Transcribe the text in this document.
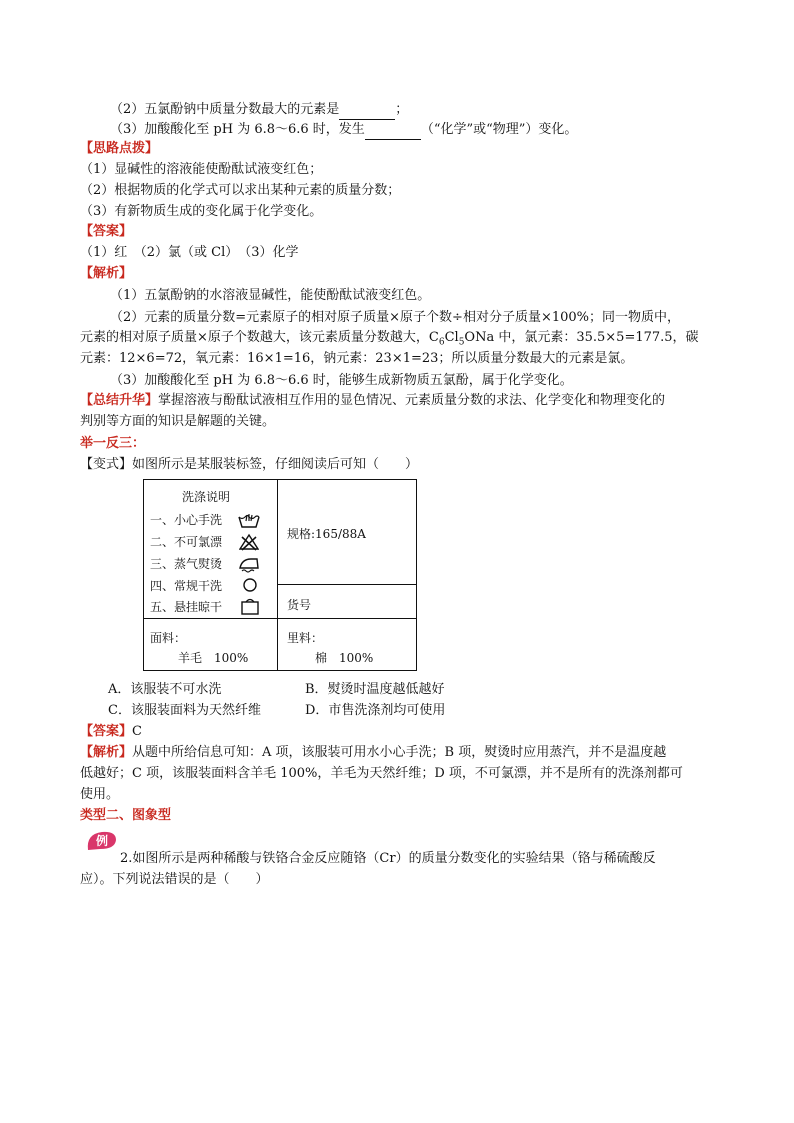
（2）五氯酚钠中质量分数最大的元素是	；
（3）加酸酸化至 pH 为 6.8～6.6 时，发生	（“化学”或“物理”）变化。
【思路点拨】
（1）显碱性的溶液能使酚酞试液变红色；
（2）根据物质的化学式可以求出某种元素的质量分数；
（3）有新物质生成的变化属于化学变化。
【答案】
（1）红　（2）氯（或 Cl）　（3）化学
【解析】
（1）五氯酚钠的水溶液显碱性，能使酚酞试液变红色。
（2）元素的质量分数=元素原子的相对原子质量×原子个数÷相对分子质量×100%；同一物质中，
元素的相对原子质量×原子个数越大，该元素质量分数越大，$C_6Cl_5ONa$ 中，氯元素：35.5×5=177.5，碳
元素：12×6=72，氧元素：16×1=16，钠元素：23×1=23；所以质量分数最大的元素是氯。
（3）加酸酸化至 pH 为 6.8～6.6 时，能够生成新物质五氯酚，属于化学变化。
【总结升华】掌握溶液与酚酞试液相互作用的显色情况、元素质量分数的求法、化学变化和物理变化的
判别等方面的知识是解题的关键。
举一反三：
【变式】如图所示是某服装标签，仔细阅读后可知（　　）
洗涤说明
一、小心手洗
二、不可氯漂
三、蒸气熨烫
四、常规干洗
五、悬挂晾干
规格:165/88A
货号
面料：
羊毛　100%
里料：
棉　100%
A．该服装不可水洗	B．熨烫时温度越低越好
C．该服装面料为天然纤维	D．市售洗涤剂均可使用
【答案】C
【解析】从题中所给信息可知：A 项，该服装可用水小心手洗；B 项，熨烫时应用蒸汽，并不是温度越
低越好；C 项，该服装面料含羊毛 100%，羊毛为天然纤维；D 项，不可氯漂，并不是所有的洗涤剂都可
使用。
类型二、图象型
例
2.如图所示是两种稀酸与铁铬合金反应随铬（Cr）的质量分数变化的实验结果（铬与稀硫酸反
应）。下列说法错误的是（　　）
